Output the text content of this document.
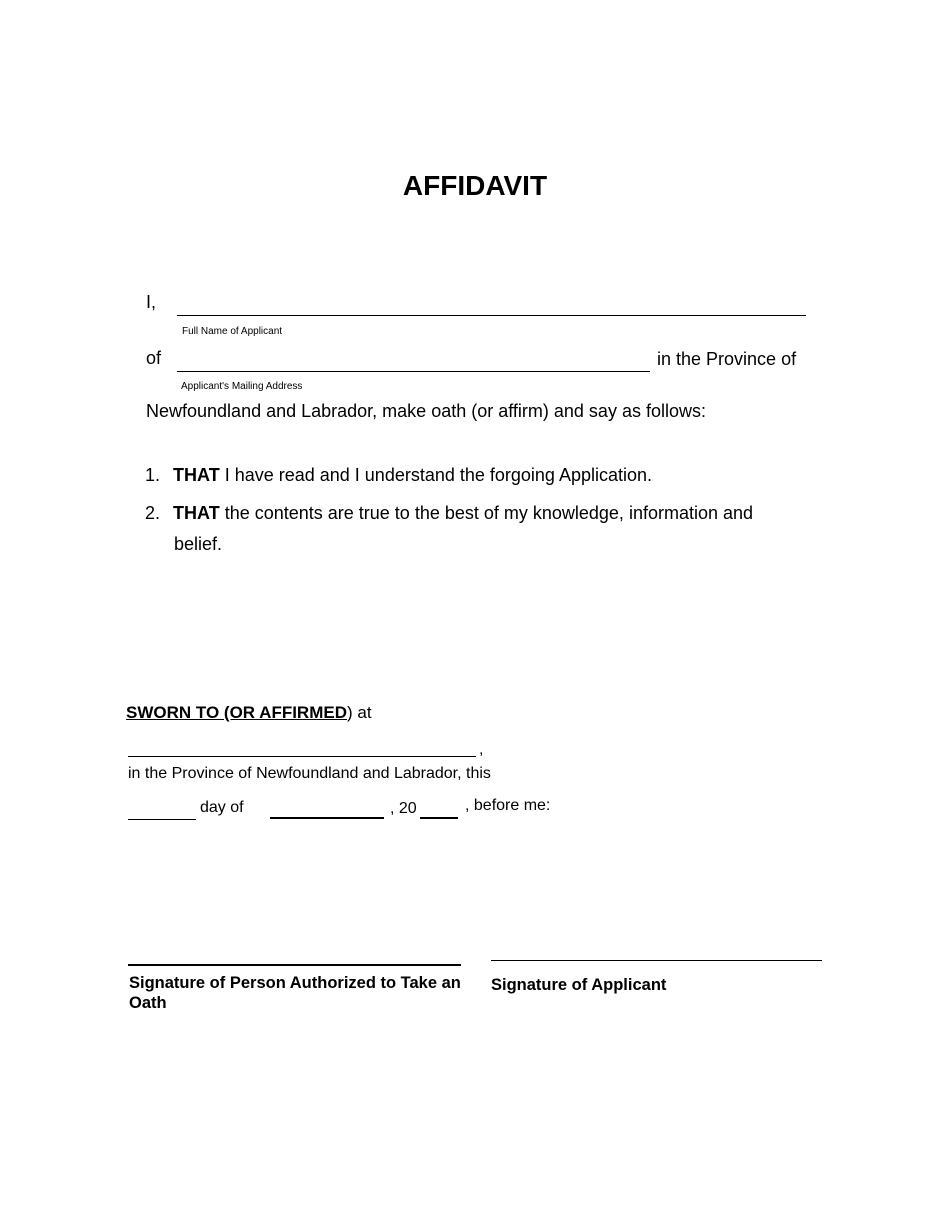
AFFIDAVIT
I,
Full Name of Applicant
of	in the Province of
Applicant's Mailing Address
Newfoundland and Labrador, make oath (or affirm) and say as follows:
1. THAT I have read and I understand the forgoing Application.
2. THAT the contents are true to the best of my knowledge, information and
belief.
SWORN TO (OR AFFIRMED) at
,
in the Province of Newfoundland and Labrador, this
day of	, 20	, before me:
Signature of Person Authorized to Take an Oath
Signature of Applicant
